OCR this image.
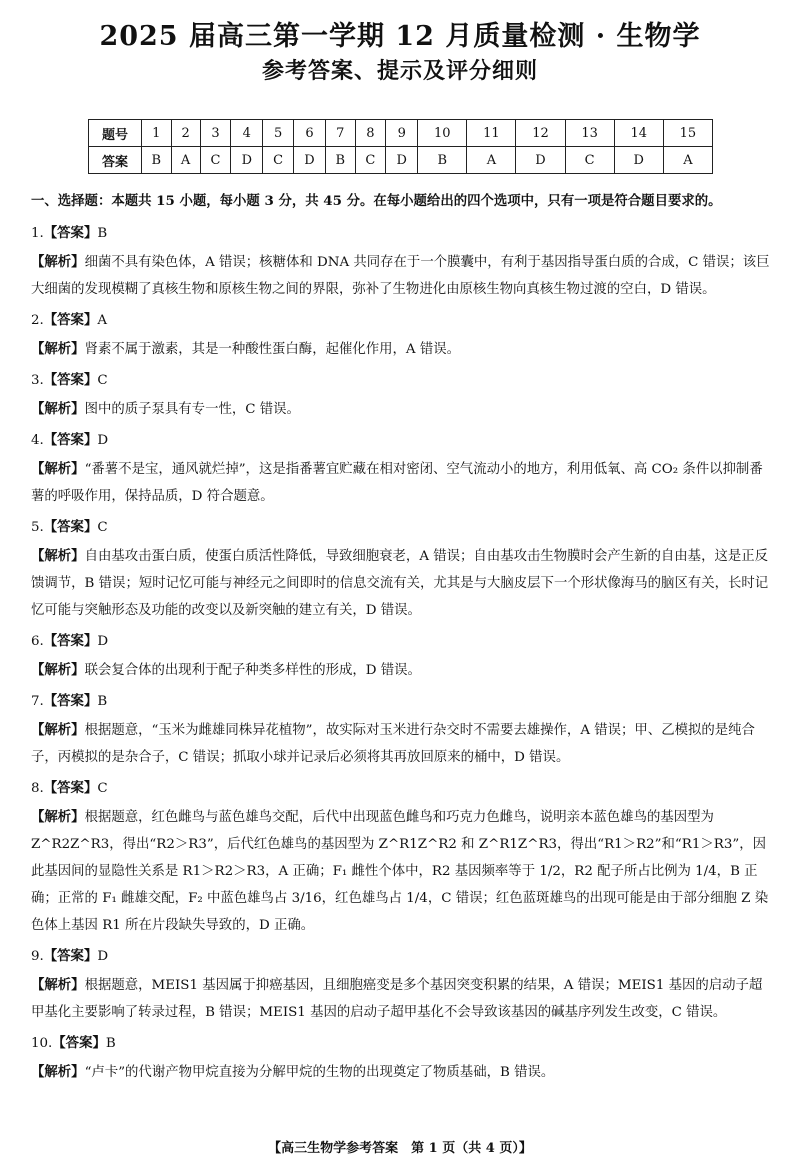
2025 届高三第一学期 12 月质量检测 · 生物学
参考答案、提示及评分细则
题号	1	2	3	4	5	6	7	8	9	10	11	12	13	14	15
答案	B	A	C	D	C	D	B	C	D	B	A	D	C	D	A
一、选择题：本题共 15 小题，每小题 3 分，共 45 分。在每小题给出的四个选项中，只有一项是符合题目要求的。
1.【答案】B
【解析】细菌不具有染色体，A 错误；核糖体和 DNA 共同存在于一个膜囊中，有利于基因指导蛋白质的合成，C 错误；该巨大细菌的发现模糊了真核生物和原核生物之间的界限，弥补了生物进化由原核生物向真核生物过渡的空白，D 错误。
2.【答案】A
【解析】肾素不属于激素，其是一种酸性蛋白酶，起催化作用，A 错误。
3.【答案】C
【解析】图中的质子泵具有专一性，C 错误。
4.【答案】D
【解析】“番薯不是宝，通风就烂掉”，这是指番薯宜贮藏在相对密闭、空气流动小的地方，利用低氧、高 CO₂ 条件以抑制番薯的呼吸作用，保持品质，D 符合题意。
5.【答案】C
【解析】自由基攻击蛋白质，使蛋白质活性降低，导致细胞衰老，A 错误；自由基攻击生物膜时会产生新的自由基，这是正反馈调节，B 错误；短时记忆可能与神经元之间即时的信息交流有关，尤其是与大脑皮层下一个形状像海马的脑区有关，长时记忆可能与突触形态及功能的改变以及新突触的建立有关，D 错误。
6.【答案】D
【解析】联会复合体的出现利于配子种类多样性的形成，D 错误。
7.【答案】B
【解析】根据题意，“玉米为雌雄同株异花植物”，故实际对玉米进行杂交时不需要去雄操作，A 错误；甲、乙模拟的是纯合子，丙模拟的是杂合子，C 错误；抓取小球并记录后必须将其再放回原来的桶中，D 错误。
8.【答案】C
【解析】根据题意，红色雌鸟与蓝色雄鸟交配，后代中出现蓝色雌鸟和巧克力色雌鸟，说明亲本蓝色雄鸟的基因型为 Z^R2Z^R3，得出“R2＞R3”，后代红色雄鸟的基因型为 Z^R1Z^R2 和 Z^R1Z^R3，得出“R1＞R2”和“R1＞R3”，因此基因间的显隐性关系是 R1＞R2＞R3，A 正确；F₁ 雌性个体中，R2 基因频率等于 1/2，R2 配子所占比例为 1/4，B 正确；正常的 F₁ 雌雄交配，F₂ 中蓝色雄鸟占 3/16，红色雄鸟占 1/4，C 错误；红色蓝斑雄鸟的出现可能是由于部分细胞 Z 染色体上基因 R1 所在片段缺失导致的，D 正确。
9.【答案】D
【解析】根据题意，MEIS1 基因属于抑癌基因，且细胞癌变是多个基因突变积累的结果，A 错误；MEIS1 基因的启动子超甲基化主要影响了转录过程，B 错误；MEIS1 基因的启动子超甲基化不会导致该基因的碱基序列发生改变，C 错误。
10.【答案】B
【解析】“卢卡”的代谢产物甲烷直接为分解甲烷的生物的出现奠定了物质基础，B 错误。
【高三生物学参考答案　第 1 页（共 4 页）】
